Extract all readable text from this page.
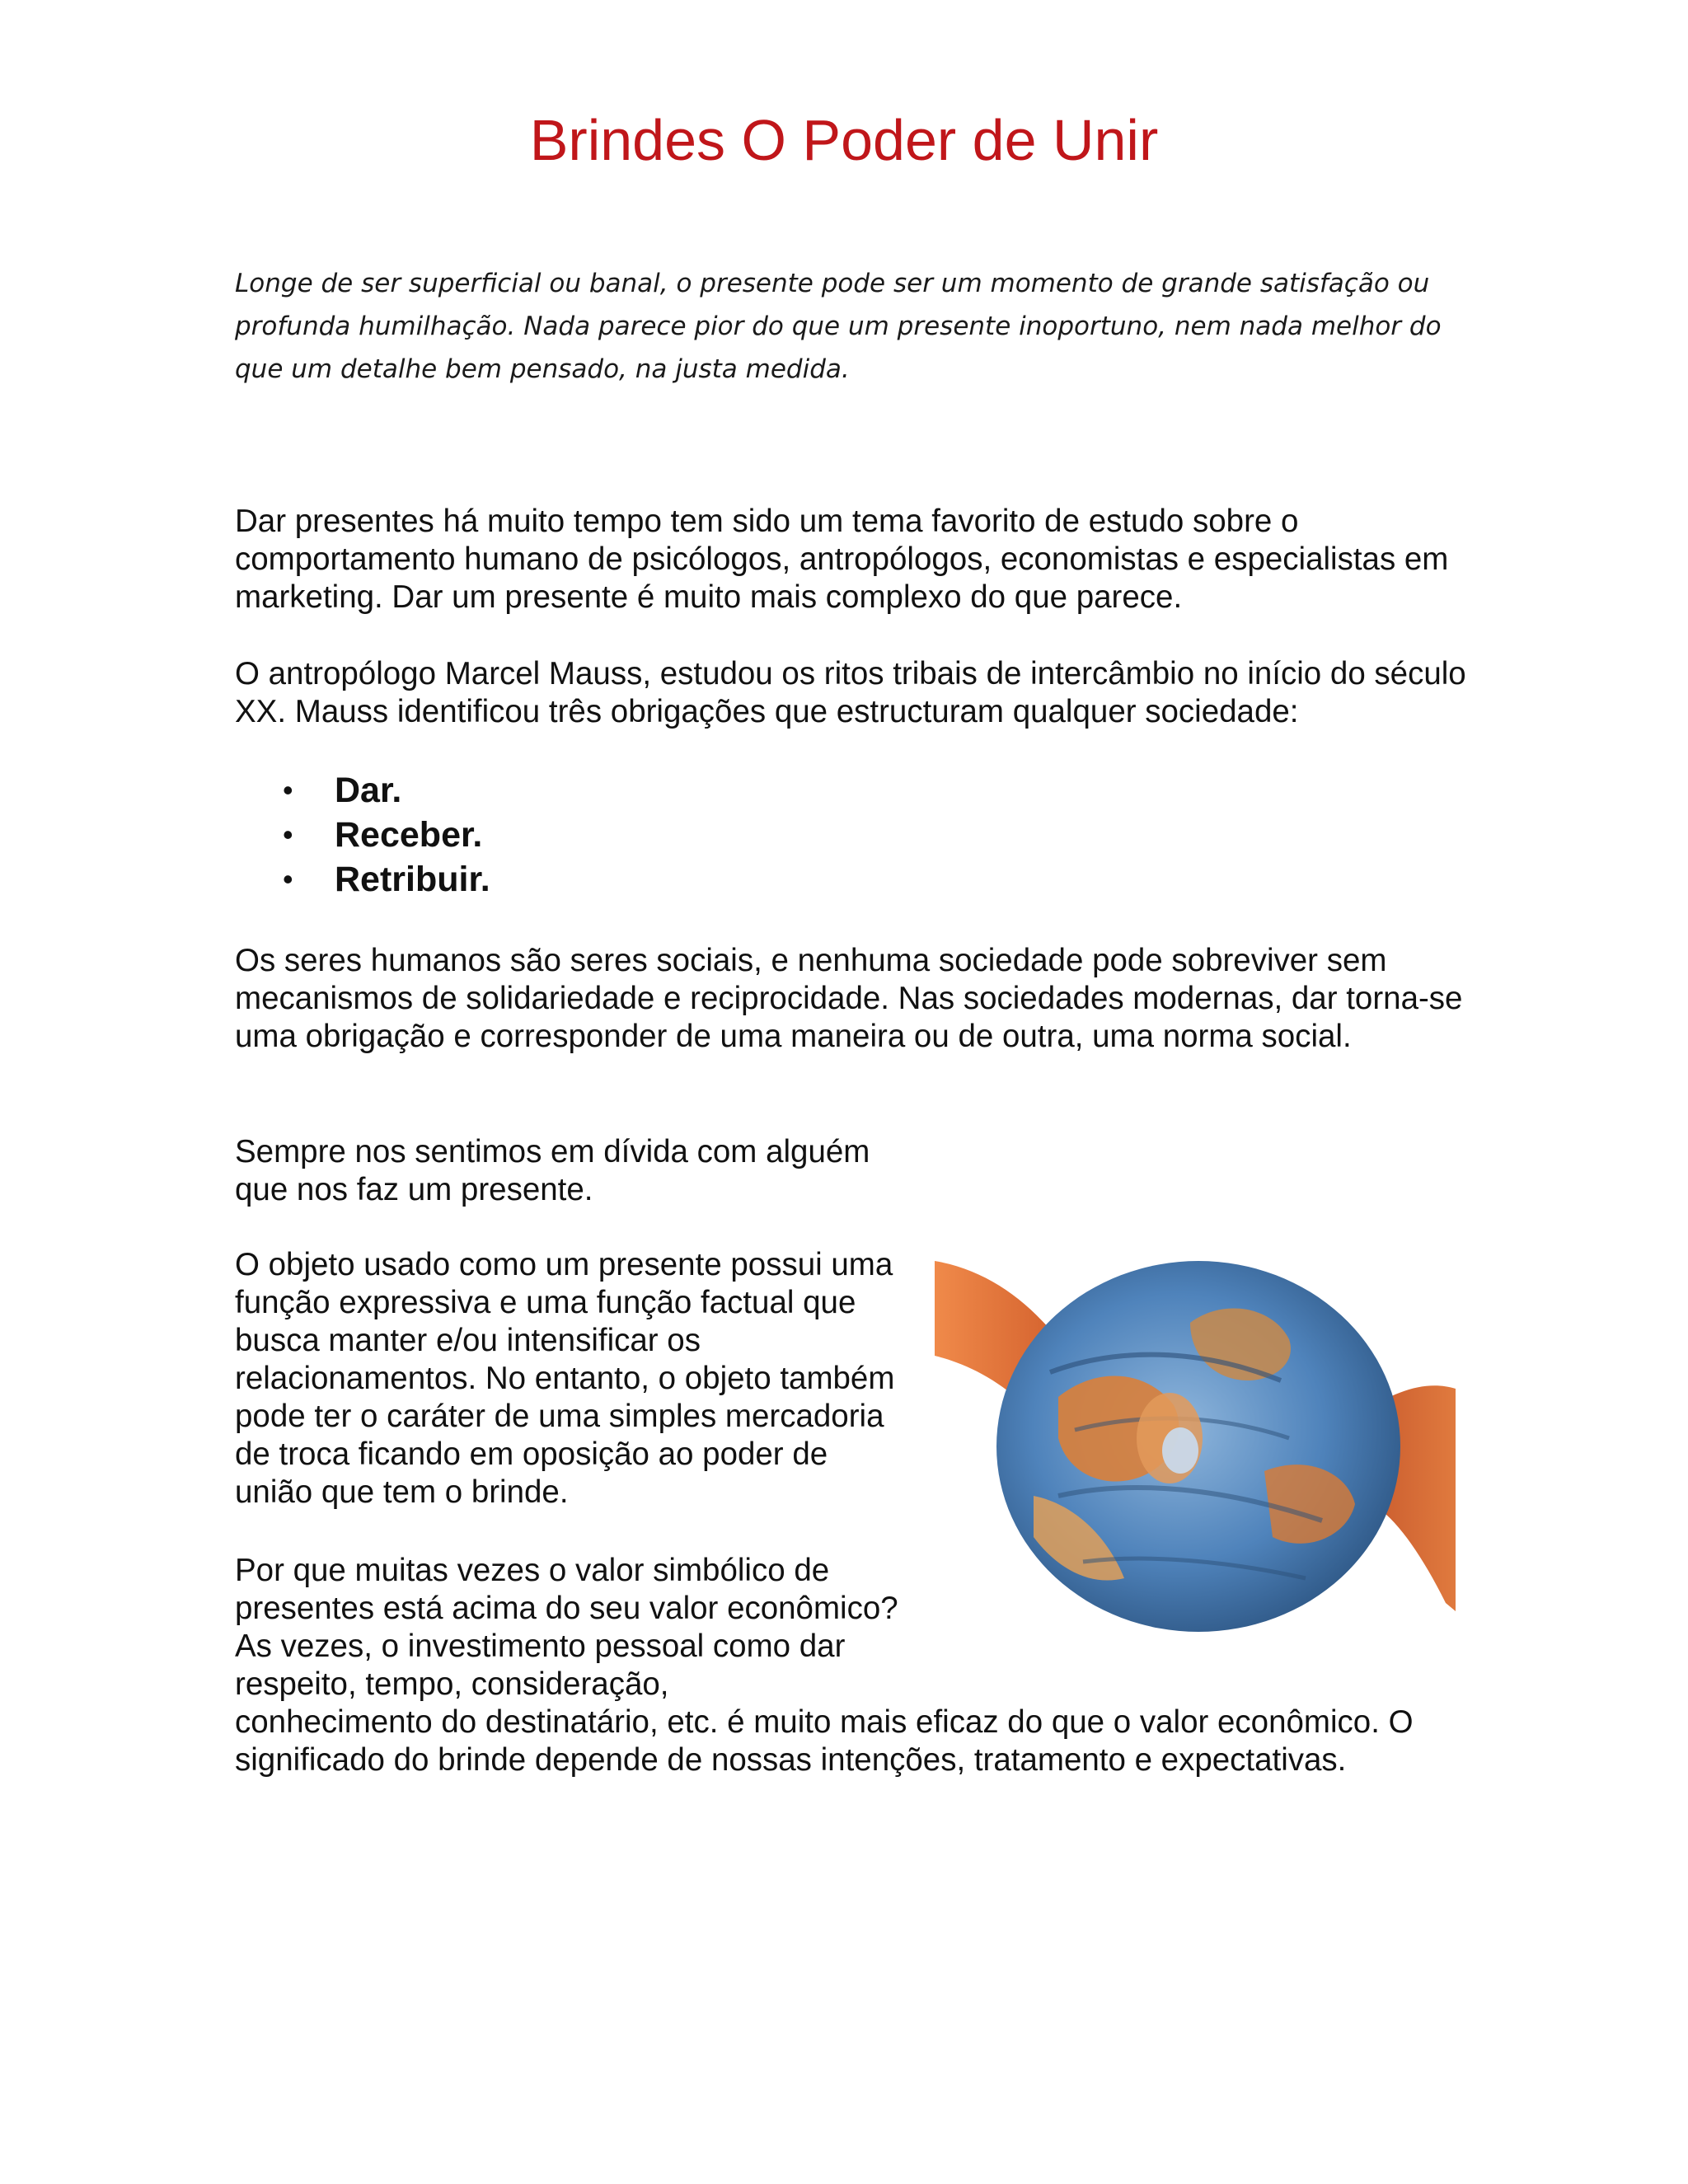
Brindes O Poder de Unir

Longe de ser superficial ou banal, o presente pode ser um momento de grande satisfação ou profunda humilhação. Nada parece pior do que um presente inoportuno, nem nada melhor do que um detalhe bem pensado, na justa medida.

Dar presentes há muito tempo tem sido um tema favorito de estudo sobre o comportamento humano de psicólogos, antropólogos, economistas e especialistas em marketing. Dar um presente é muito mais complexo do que parece.

O antropólogo Marcel Mauss, estudou os ritos tribais de intercâmbio no início do século XX. Mauss identificou três obrigações que estructuram qualquer sociedade:

• Dar.
• Receber.
• Retribuir.

Os seres humanos são seres sociais, e nenhuma sociedade pode sobreviver sem mecanismos de solidariedade e reciprocidade. Nas sociedades modernas, dar torna-se uma obrigação e corresponder de uma maneira ou de outra, uma norma social.

Sempre nos sentimos em dívida com alguém que nos faz um presente.

O objeto usado como um presente possui uma função expressiva e uma função factual que busca manter e/ou intensificar os relacionamentos. No entanto, o objeto também pode ter o caráter de uma simples mercadoria de troca ficando em oposição ao poder de união que tem o brinde.

Por que muitas vezes o valor simbólico de presentes está acima do seu valor econômico? As vezes, o investimento pessoal como dar respeito, tempo, consideração,

conhecimento do destinatário, etc. é muito mais eficaz do que o valor econômico. O significado do brinde depende de nossas intenções, tratamento e expectativas.
